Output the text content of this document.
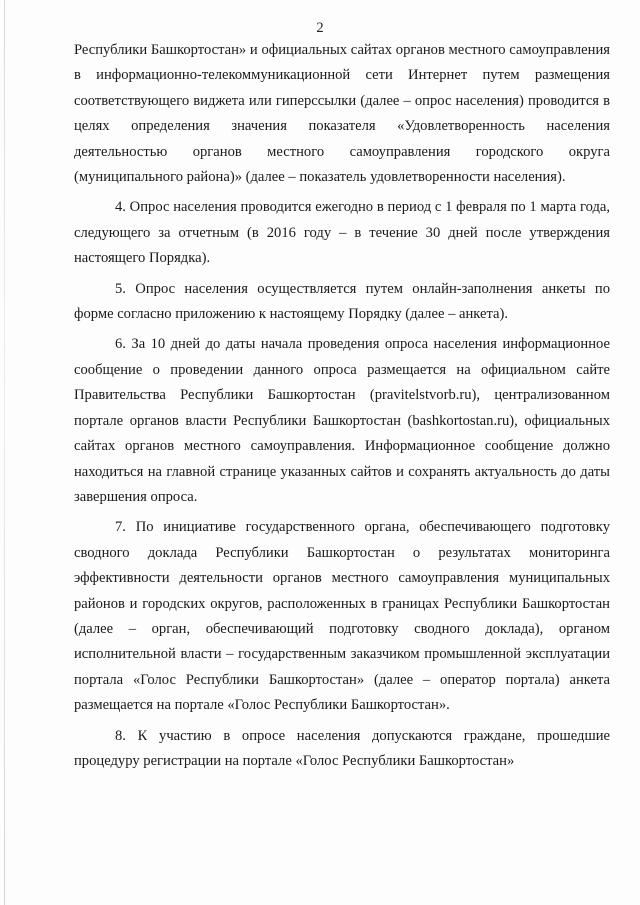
2

Республики Башкортостан» и официальных сайтах органов местного самоуправления в информационно-телекоммуникационной сети Интернет путем размещения соответствующего виджета или гиперссылки (далее – опрос населения) проводится в целях определения значения показателя «Удовлетворенность населения деятельностью органов местного самоуправления городского округа (муниципального района)» (далее – показатель удовлетворенности населения).

4. Опрос населения проводится ежегодно в период с 1 февраля по 1 марта года, следующего за отчетным (в 2016 году – в течение 30 дней после утверждения настоящего Порядка).

5. Опрос населения осуществляется путем онлайн-заполнения анкеты по форме согласно приложению к настоящему Порядку (далее – анкета).

6. За 10 дней до даты начала проведения опроса населения информационное сообщение о проведении данного опроса размещается на официальном сайте Правительства Республики Башкортостан (pravitelstvorb.ru), централизованном портале органов власти Республики Башкортостан (bashkortostan.ru), официальных сайтах органов местного самоуправления. Информационное сообщение должно находиться на главной странице указанных сайтов и сохранять актуальность до даты завершения опроса.

7. По инициативе государственного органа, обеспечивающего подготовку сводного доклада Республики Башкортостан о результатах мониторинга эффективности деятельности органов местного самоуправления муниципальных районов и городских округов, расположенных в границах Республики Башкортостан (далее – орган, обеспечивающий подготовку сводного доклада), органом исполнительной власти – государственным заказчиком промышленной эксплуатации портала «Голос Республики Башкортостан» (далее – оператор портала) анкета размещается на портале «Голос Республики Башкортостан».

8. К участию в опросе населения допускаются граждане, прошедшие процедуру регистрации на портале «Голос Республики Башкортостан»
